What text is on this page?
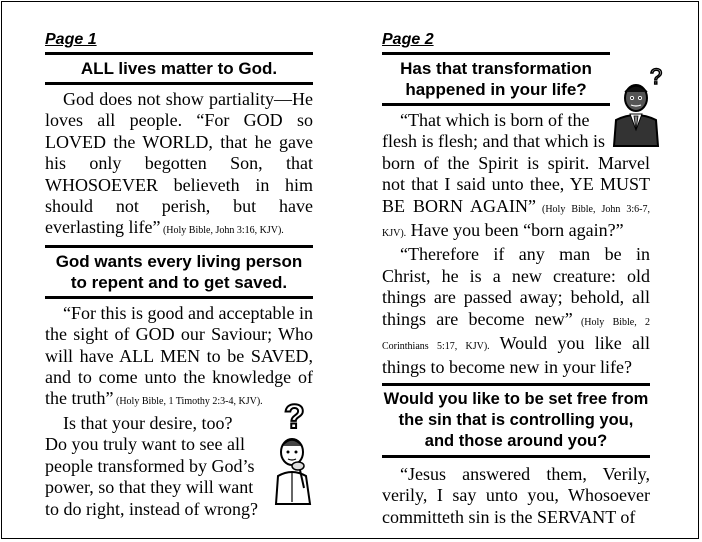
Page 1
ALL lives matter to God.

God does not show partiality—He loves all people. “For GOD so LOVED the WORLD, that he gave his only begotten Son, that WHOSOEVER believeth in him should not perish, but have everlasting life” (Holy Bible, John 3:16, KJV).

God wants every living person
to repent and to get saved.

“For this is good and acceptable in the sight of GOD our Saviour; Who will have ALL MEN to be SAVED, and to come unto the knowledge of the truth” (Holy Bible, 1 Timothy 2:3-4, KJV).

Is that your desire, too?
Do you truly want to see all
people transformed by God’s
power, so that they will want
to do right, instead of wrong?
?
Page 2
Has that transformation
happened in your life?
“That which is born of the
flesh is flesh; and that which is

born of the Spirit is spirit. Marvel not that I said unto thee, YE MUST BE BORN AGAIN” (Holy Bible, John 3:6-7, KJV). Have you been “born again?”

“Therefore if any man be in Christ, he is a new creature: old things are passed away; behold, all things are become new” (Holy Bible, 2 Corinthians 5:17, KJV). Would you like all things to become new in your life?

Would you like to be set free from
the sin that is controlling you,
and those around you?

“Jesus answered them, Verily, verily, I say unto you, Whosoever committeth sin is the SERVANT of

?
